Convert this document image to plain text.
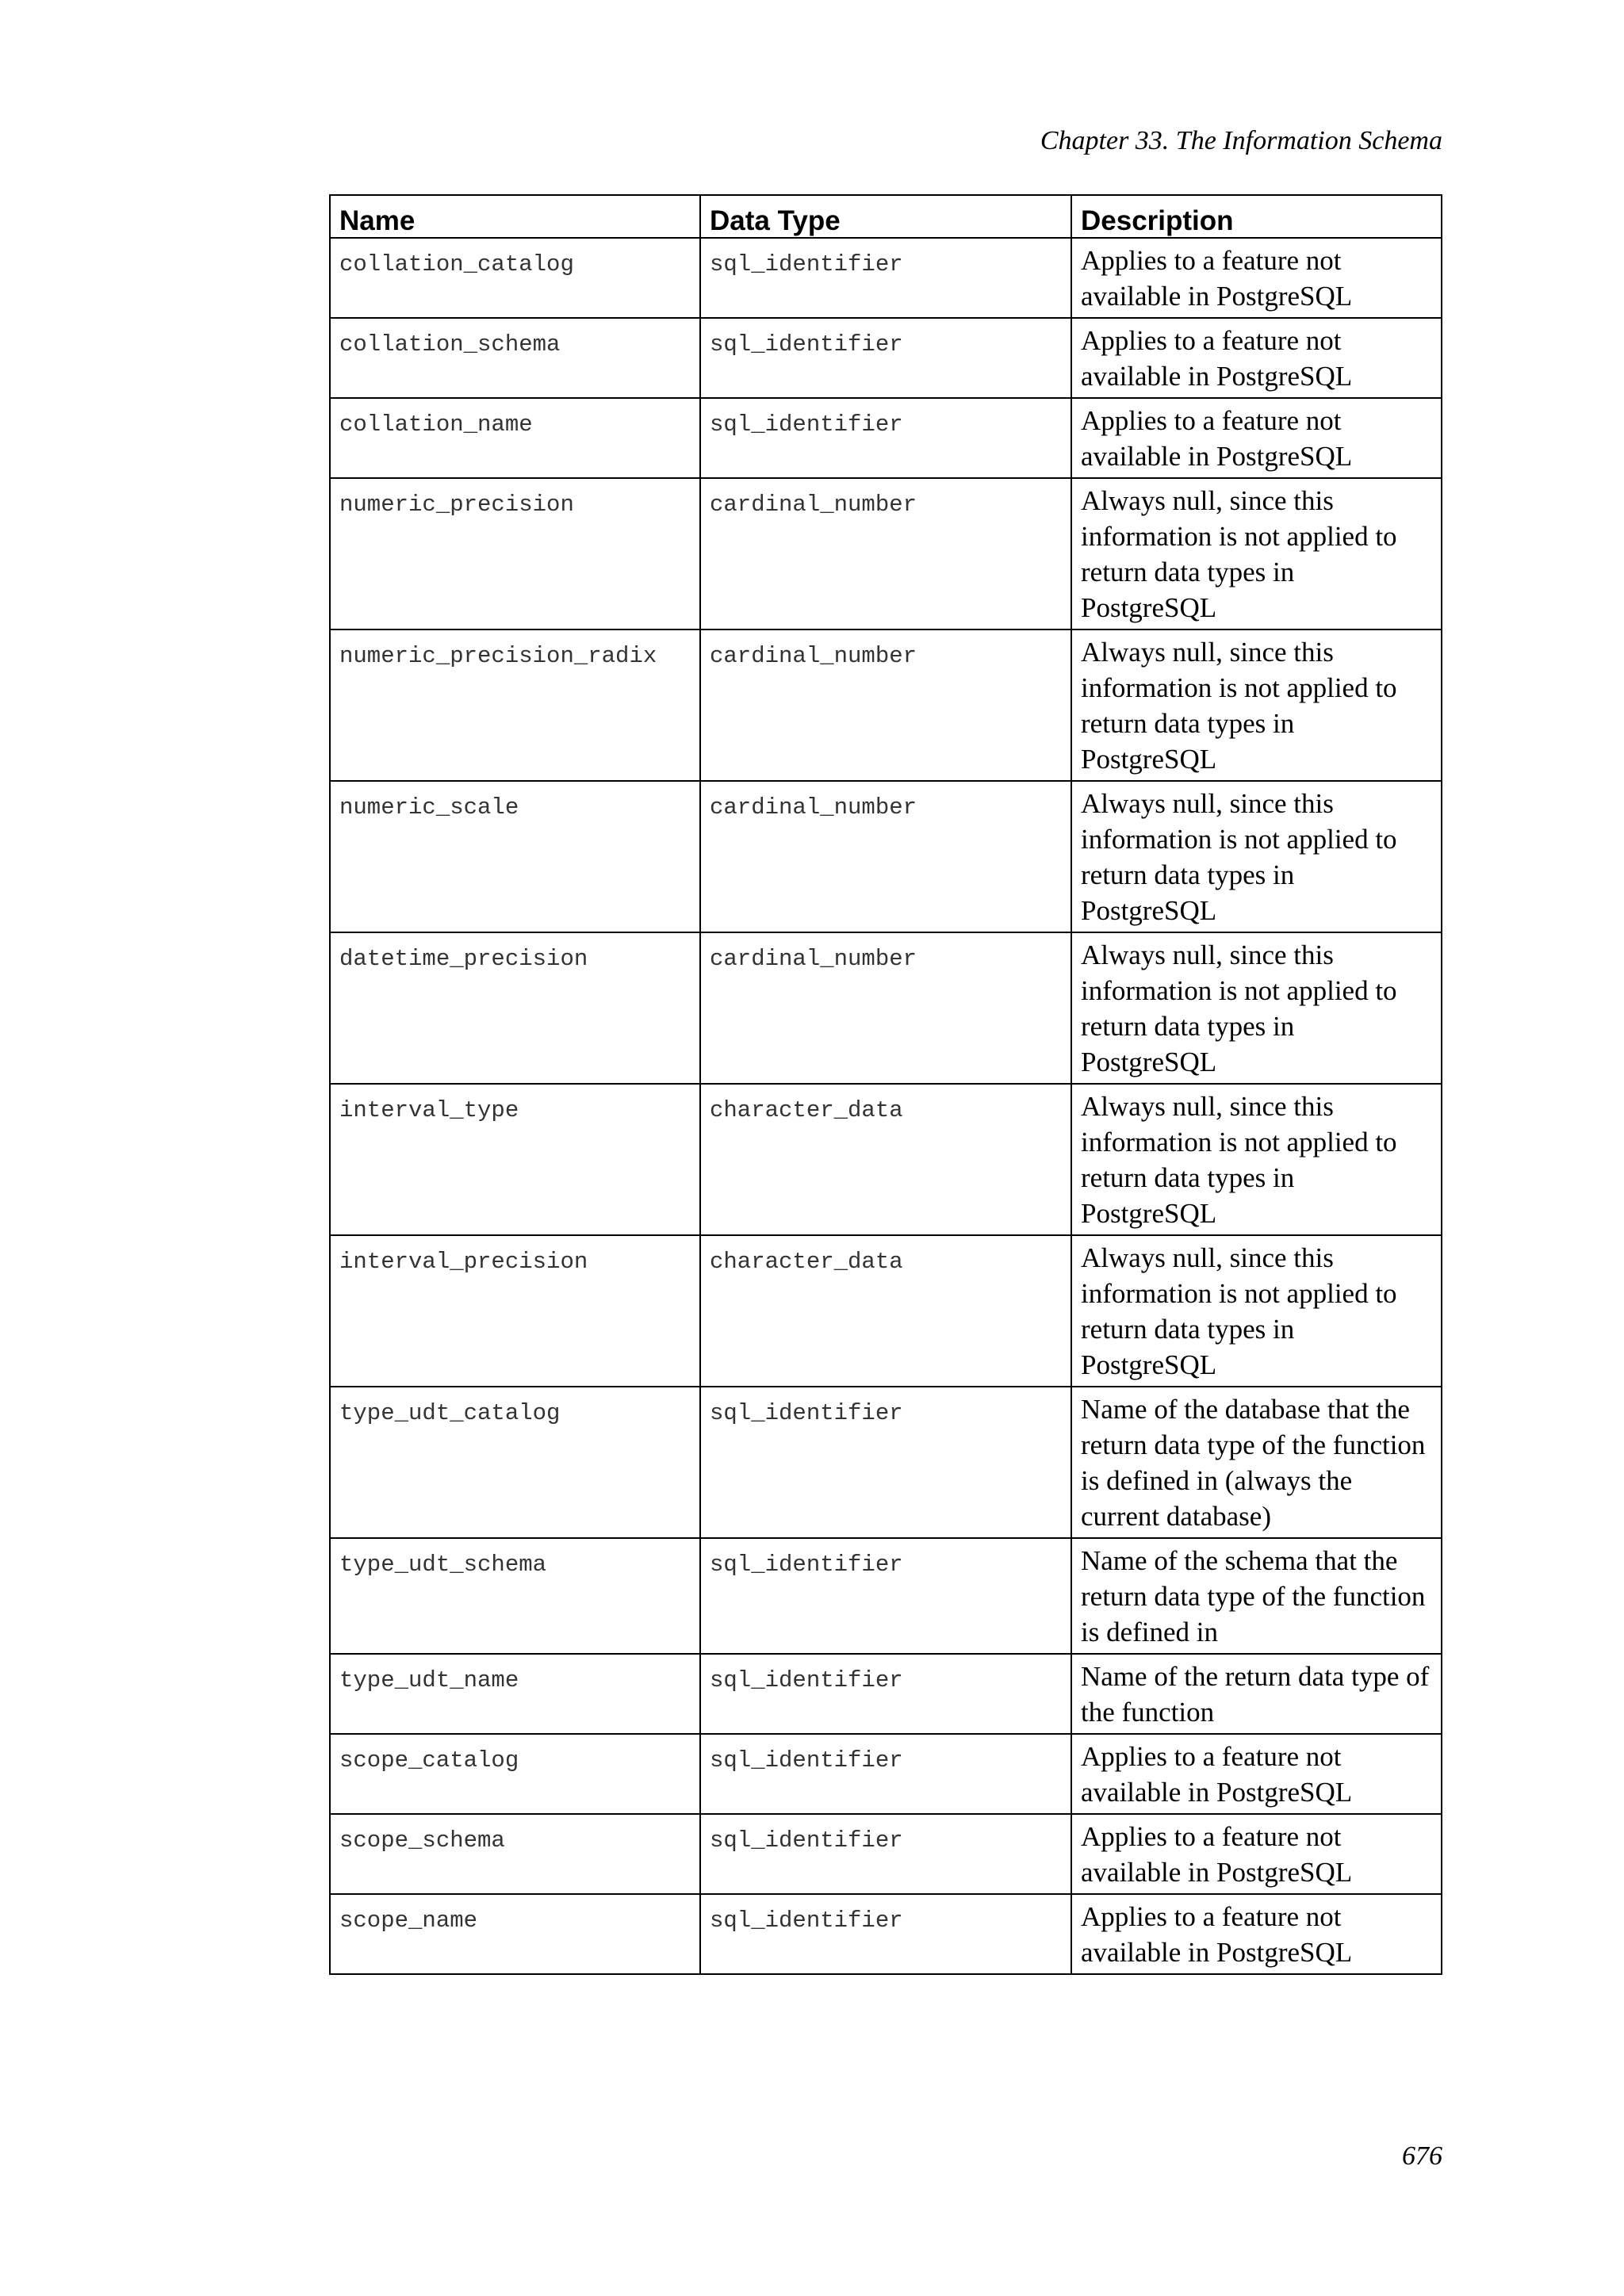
Chapter 33. The Information Schema
Name	Data Type	Description
collation_catalog	sql_identifier	Applies to a feature not available in PostgreSQL
collation_schema	sql_identifier	Applies to a feature not available in PostgreSQL
collation_name	sql_identifier	Applies to a feature not available in PostgreSQL
numeric_precision	cardinal_number	Always null, since this information is not applied to return data types in PostgreSQL
numeric_precision_radix	cardinal_number	Always null, since this information is not applied to return data types in PostgreSQL
numeric_scale	cardinal_number	Always null, since this information is not applied to return data types in PostgreSQL
datetime_precision	cardinal_number	Always null, since this information is not applied to return data types in PostgreSQL
interval_type	character_data	Always null, since this information is not applied to return data types in PostgreSQL
interval_precision	character_data	Always null, since this information is not applied to return data types in PostgreSQL
type_udt_catalog	sql_identifier	Name of the database that the return data type of the function is defined in (always the current database)
type_udt_schema	sql_identifier	Name of the schema that the return data type of the function is defined in
type_udt_name	sql_identifier	Name of the return data type of the function
scope_catalog	sql_identifier	Applies to a feature not available in PostgreSQL
scope_schema	sql_identifier	Applies to a feature not available in PostgreSQL
scope_name	sql_identifier	Applies to a feature not available in PostgreSQL
676
